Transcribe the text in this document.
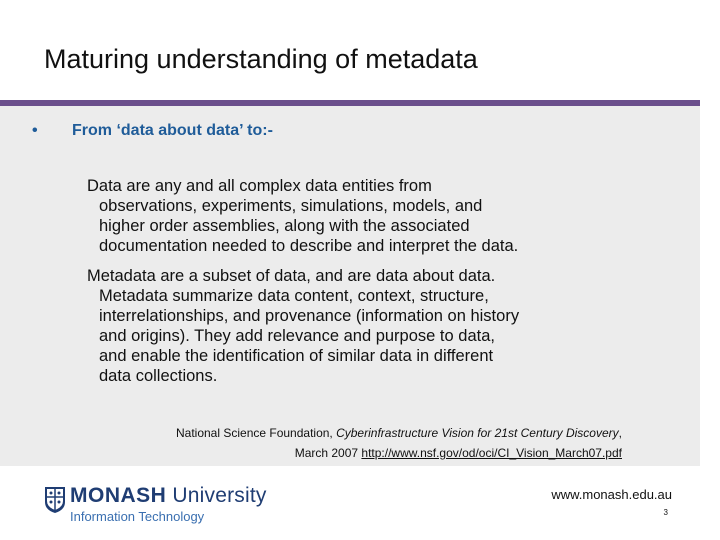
Maturing understanding of metadata
• From ‘data about data’ to:-
Data are any and all complex data entities from
observations, experiments, simulations, models, and
higher order assemblies, along with the associated
documentation needed to describe and interpret the data.
Metadata are a subset of data, and are data about data.
Metadata summarize data content, context, structure,
interrelationships, and provenance (information on history
and origins). They add relevance and purpose to data,
and enable the identification of similar data in different
data collections.
National Science Foundation, Cyberinfrastructure Vision for 21st Century Discovery,
March 2007 http://www.nsf.gov/od/oci/CI_Vision_March07.pdf
MONASH University
Information Technology
www.monash.edu.au
3
